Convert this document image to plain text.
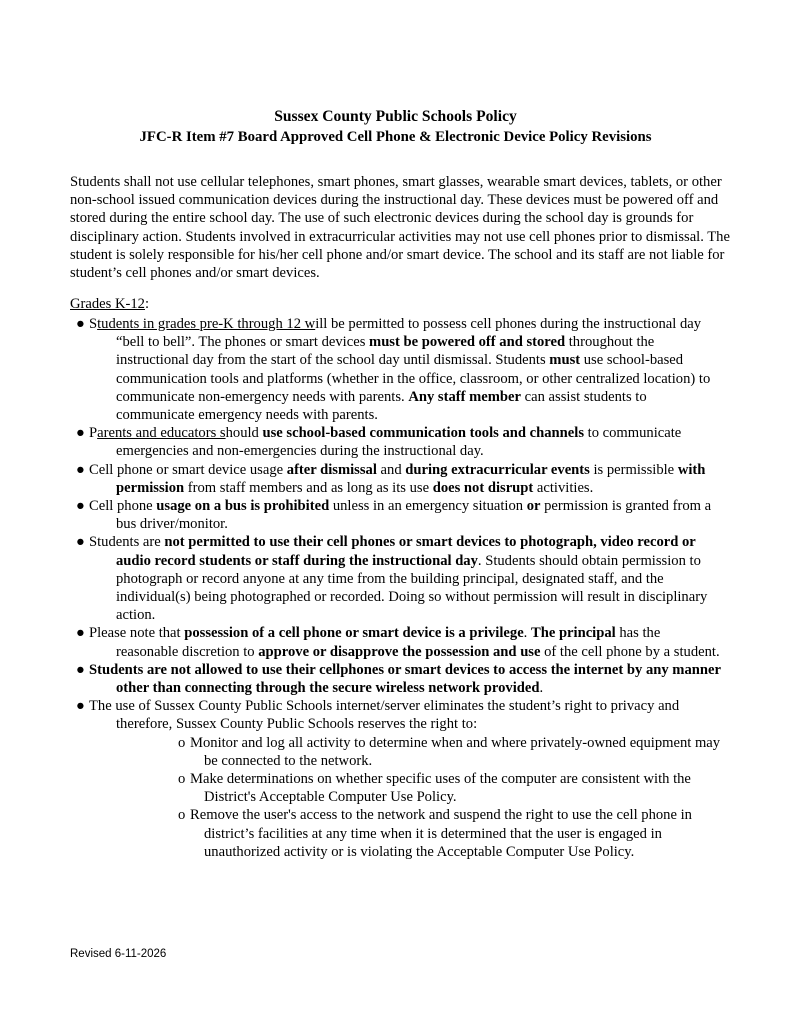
Sussex County Public Schools Policy
JFC-R Item #7 Board Approved Cell Phone & Electronic Device Policy Revisions

Students shall not use cellular telephones, smart phones, smart glasses, wearable smart devices, tablets, or other non-school issued communication devices during the instructional day. These devices must be powered off and stored during the entire school day. The use of such electronic devices during the school day is grounds for disciplinary action. Students involved in extracurricular activities may not use cell phones prior to dismissal. The student is solely responsible for his/her cell phone and/or smart device. The school and its staff are not liable for student’s cell phones and/or smart devices.

Grades K-12:

● Students in grades pre-K through 12 will be permitted to possess cell phones during the instructional day “bell to bell”. The phones or smart devices must be powered off and stored throughout the instructional day from the start of the school day until dismissal. Students must use school-based communication tools and platforms (whether in the office, classroom, or other centralized location) to communicate non-emergency needs with parents. Any staff member can assist students to communicate emergency needs with parents.
● Parents and educators should use school-based communication tools and channels to communicate emergencies and non-emergencies during the instructional day.
● Cell phone or smart device usage after dismissal and during extracurricular events is permissible with permission from staff members and as long as its use does not disrupt activities.
● Cell phone usage on a bus is prohibited unless in an emergency situation or permission is granted from a bus driver/monitor.
● Students are not permitted to use their cell phones or smart devices to photograph, video record or audio record students or staff during the instructional day. Students should obtain permission to photograph or record anyone at any time from the building principal, designated staff, and the individual(s) being photographed or recorded. Doing so without permission will result in disciplinary action.
● Please note that possession of a cell phone or smart device is a privilege. The principal has the reasonable discretion to approve or disapprove the possession and use of the cell phone by a student.
● Students are not allowed to use their cellphones or smart devices to access the internet by any manner other than connecting through the secure wireless network provided.
● The use of Sussex County Public Schools internet/server eliminates the student’s right to privacy and therefore, Sussex County Public Schools reserves the right to:
o Monitor and log all activity to determine when and where privately-owned equipment may be connected to the network.
o Make determinations on whether specific uses of the computer are consistent with the District's Acceptable Computer Use Policy.
o Remove the user's access to the network and suspend the right to use the cell phone in district’s facilities at any time when it is determined that the user is engaged in unauthorized activity or is violating the Acceptable Computer Use Policy.

Revised 6-11-2026
